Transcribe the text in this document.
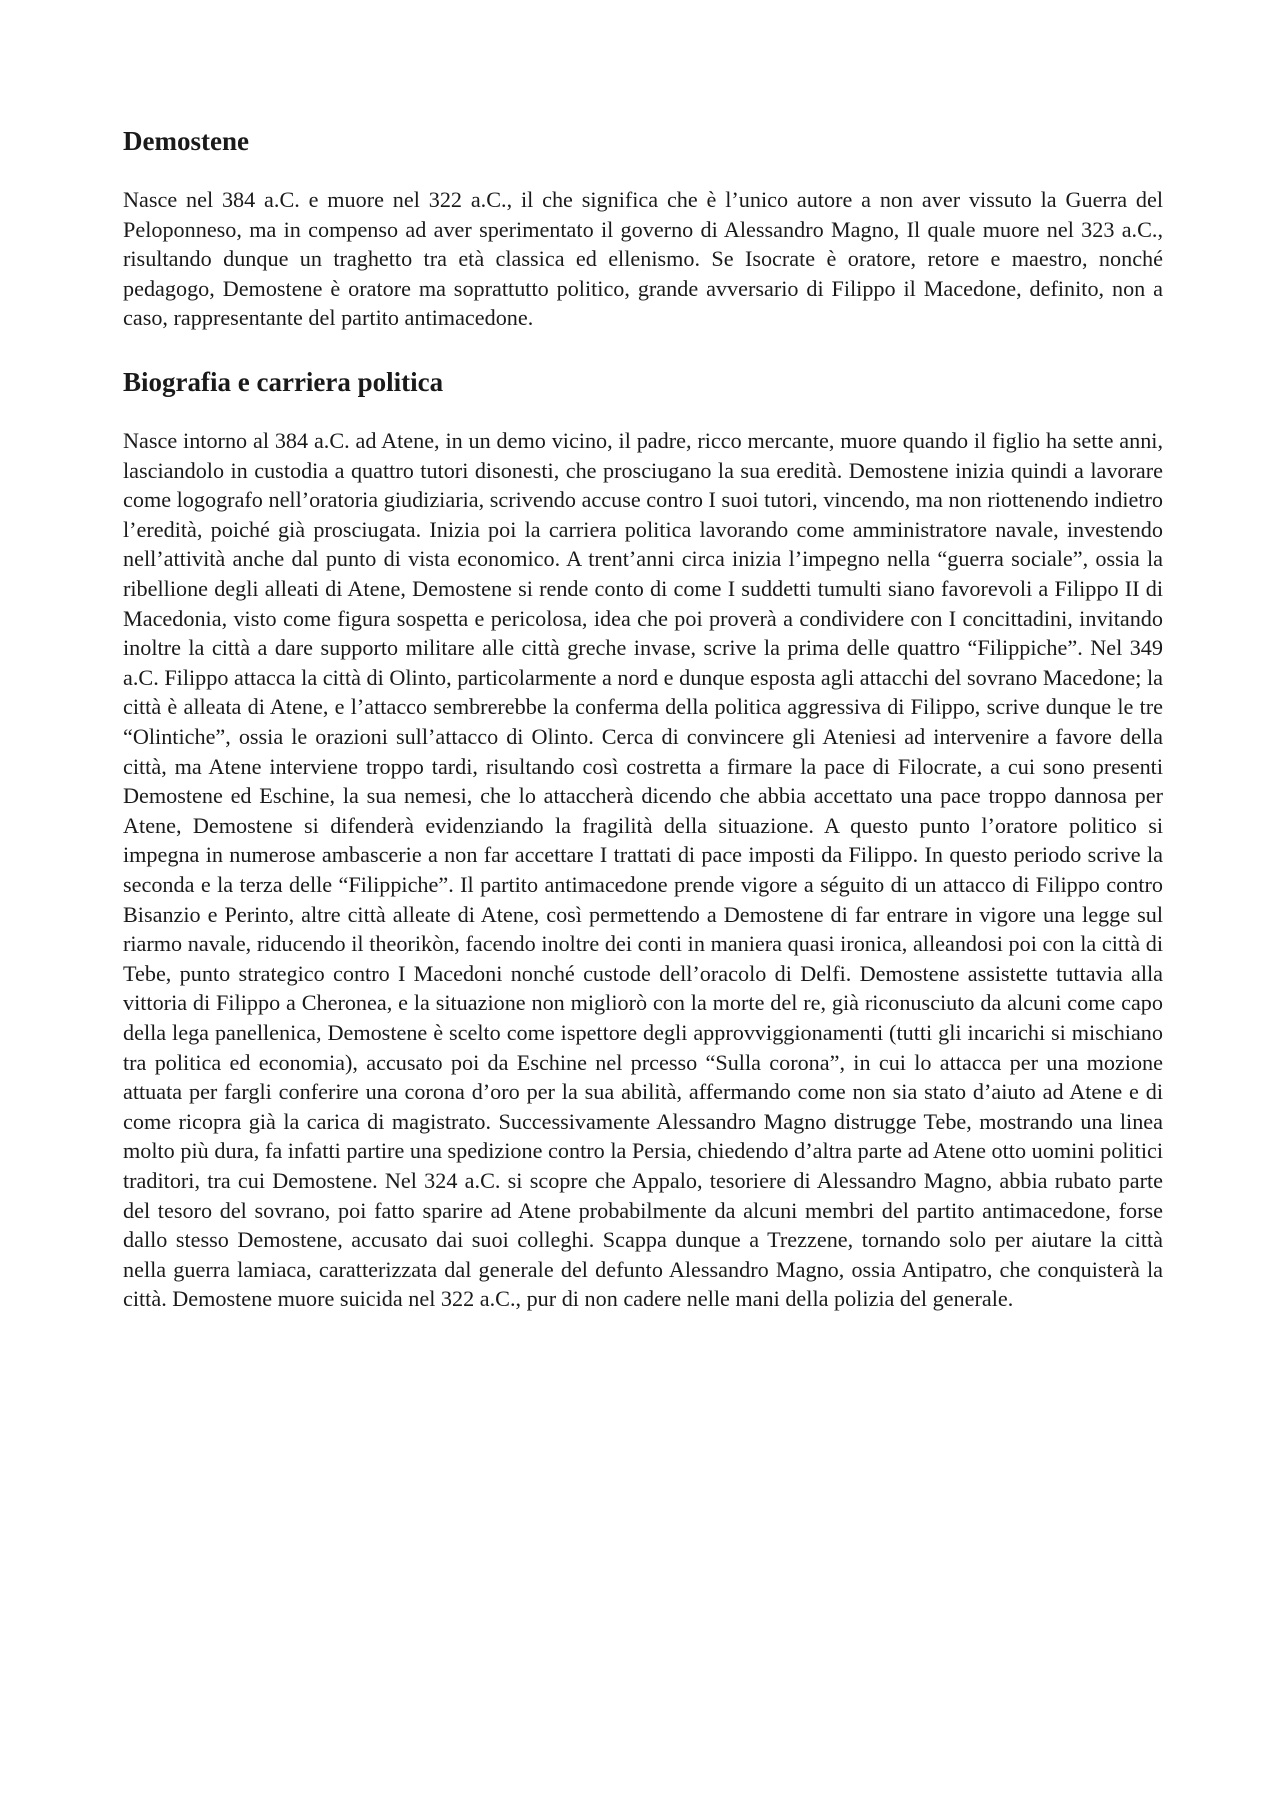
Demostene

Nasce nel 384 a.C. e muore nel 322 a.C., il che significa che è l’unico autore a non aver vissuto la Guerra del Peloponneso, ma in compenso ad aver sperimentato il governo di Alessandro Magno, Il quale muore nel 323 a.C., risultando dunque un traghetto tra età classica ed ellenismo. Se Isocrate è oratore, retore e maestro, nonché pedagogo, Demostene è oratore ma soprattutto politico, grande avversario di Filippo il Macedone, definito, non a caso, rappresentante del partito antimacedone.

Biografia e carriera politica

Nasce intorno al 384 a.C. ad Atene, in un demo vicino, il padre, ricco mercante, muore quando il figlio ha sette anni, lasciandolo in custodia a quattro tutori disonesti, che prosciugano la sua eredità. Demostene inizia quindi a lavorare come logografo nell’oratoria giudiziaria, scrivendo accuse contro I suoi tutori, vincendo, ma non riottenendo indietro l’eredità, poiché già prosciugata. Inizia poi la carriera politica lavorando come amministratore navale, investendo nell’attività anche dal punto di vista economico. A trent’anni circa inizia l’impegno nella “guerra sociale”, ossia la ribellione degli alleati di Atene, Demostene si rende conto di come I suddetti tumulti siano favorevoli a Filippo II di Macedonia, visto come figura sospetta e pericolosa, idea che poi proverà a condividere con I concittadini, invitando inoltre la città a dare supporto militare alle città greche invase, scrive la prima delle quattro “Filippiche”. Nel 349 a.C. Filippo attacca la città di Olinto, particolarmente a nord e dunque esposta agli attacchi del sovrano Macedone; la città è alleata di Atene, e l’attacco sembrerebbe la conferma della politica aggressiva di Filippo, scrive dunque le tre “Olintiche”, ossia le orazioni sull’attacco di Olinto. Cerca di convincere gli Ateniesi ad intervenire a favore della città, ma Atene interviene troppo tardi, risultando così costretta a firmare la pace di Filocrate, a cui sono presenti Demostene ed Eschine, la sua nemesi, che lo attaccherà dicendo che abbia accettato una pace troppo dannosa per Atene, Demostene si difenderà evidenziando la fragilità della situazione. A questo punto l’oratore politico si impegna in numerose ambascerie a non far accettare I trattati di pace imposti da Filippo. In questo periodo scrive la seconda e la terza delle “Filippiche”. Il partito antimacedone prende vigore a séguito di un attacco di Filippo contro Bisanzio e Perinto, altre città alleate di Atene, così permettendo a Demostene di far entrare in vigore una legge sul riarmo navale, riducendo il theorikòn, facendo inoltre dei conti in maniera quasi ironica, alleandosi poi con la città di Tebe, punto strategico contro I Macedoni nonché custode dell’oracolo di Delfi. Demostene assistette tuttavia alla vittoria di Filippo a Cheronea, e la situazione non migliorò con la morte del re, già riconusciuto da alcuni come capo della lega panellenica, Demostene è scelto come ispettore degli approvviggionamenti (tutti gli incarichi si mischiano tra politica ed economia), accusato poi da Eschine nel prcesso “Sulla corona”, in cui lo attacca per una mozione attuata per fargli conferire una corona d’oro per la sua abilità, affermando come non sia stato d’aiuto ad Atene e di come ricopra già la carica di magistrato. Successivamente Alessandro Magno distrugge Tebe, mostrando una linea molto più dura, fa infatti partire una spedizione contro la Persia, chiedendo d’altra parte ad Atene otto uomini politici traditori, tra cui Demostene. Nel 324 a.C. si scopre che Appalo, tesoriere di Alessandro Magno, abbia rubato parte del tesoro del sovrano, poi fatto sparire ad Atene probabilmente da alcuni membri del partito antimacedone, forse dallo stesso Demostene, accusato dai suoi colleghi. Scappa dunque a Trezzene, tornando solo per aiutare la città nella guerra lamiaca, caratterizzata dal generale del defunto Alessandro Magno, ossia Antipatro, che conquisterà la città. Demostene muore suicida nel 322 a.C., pur di non cadere nelle mani della polizia del generale.
